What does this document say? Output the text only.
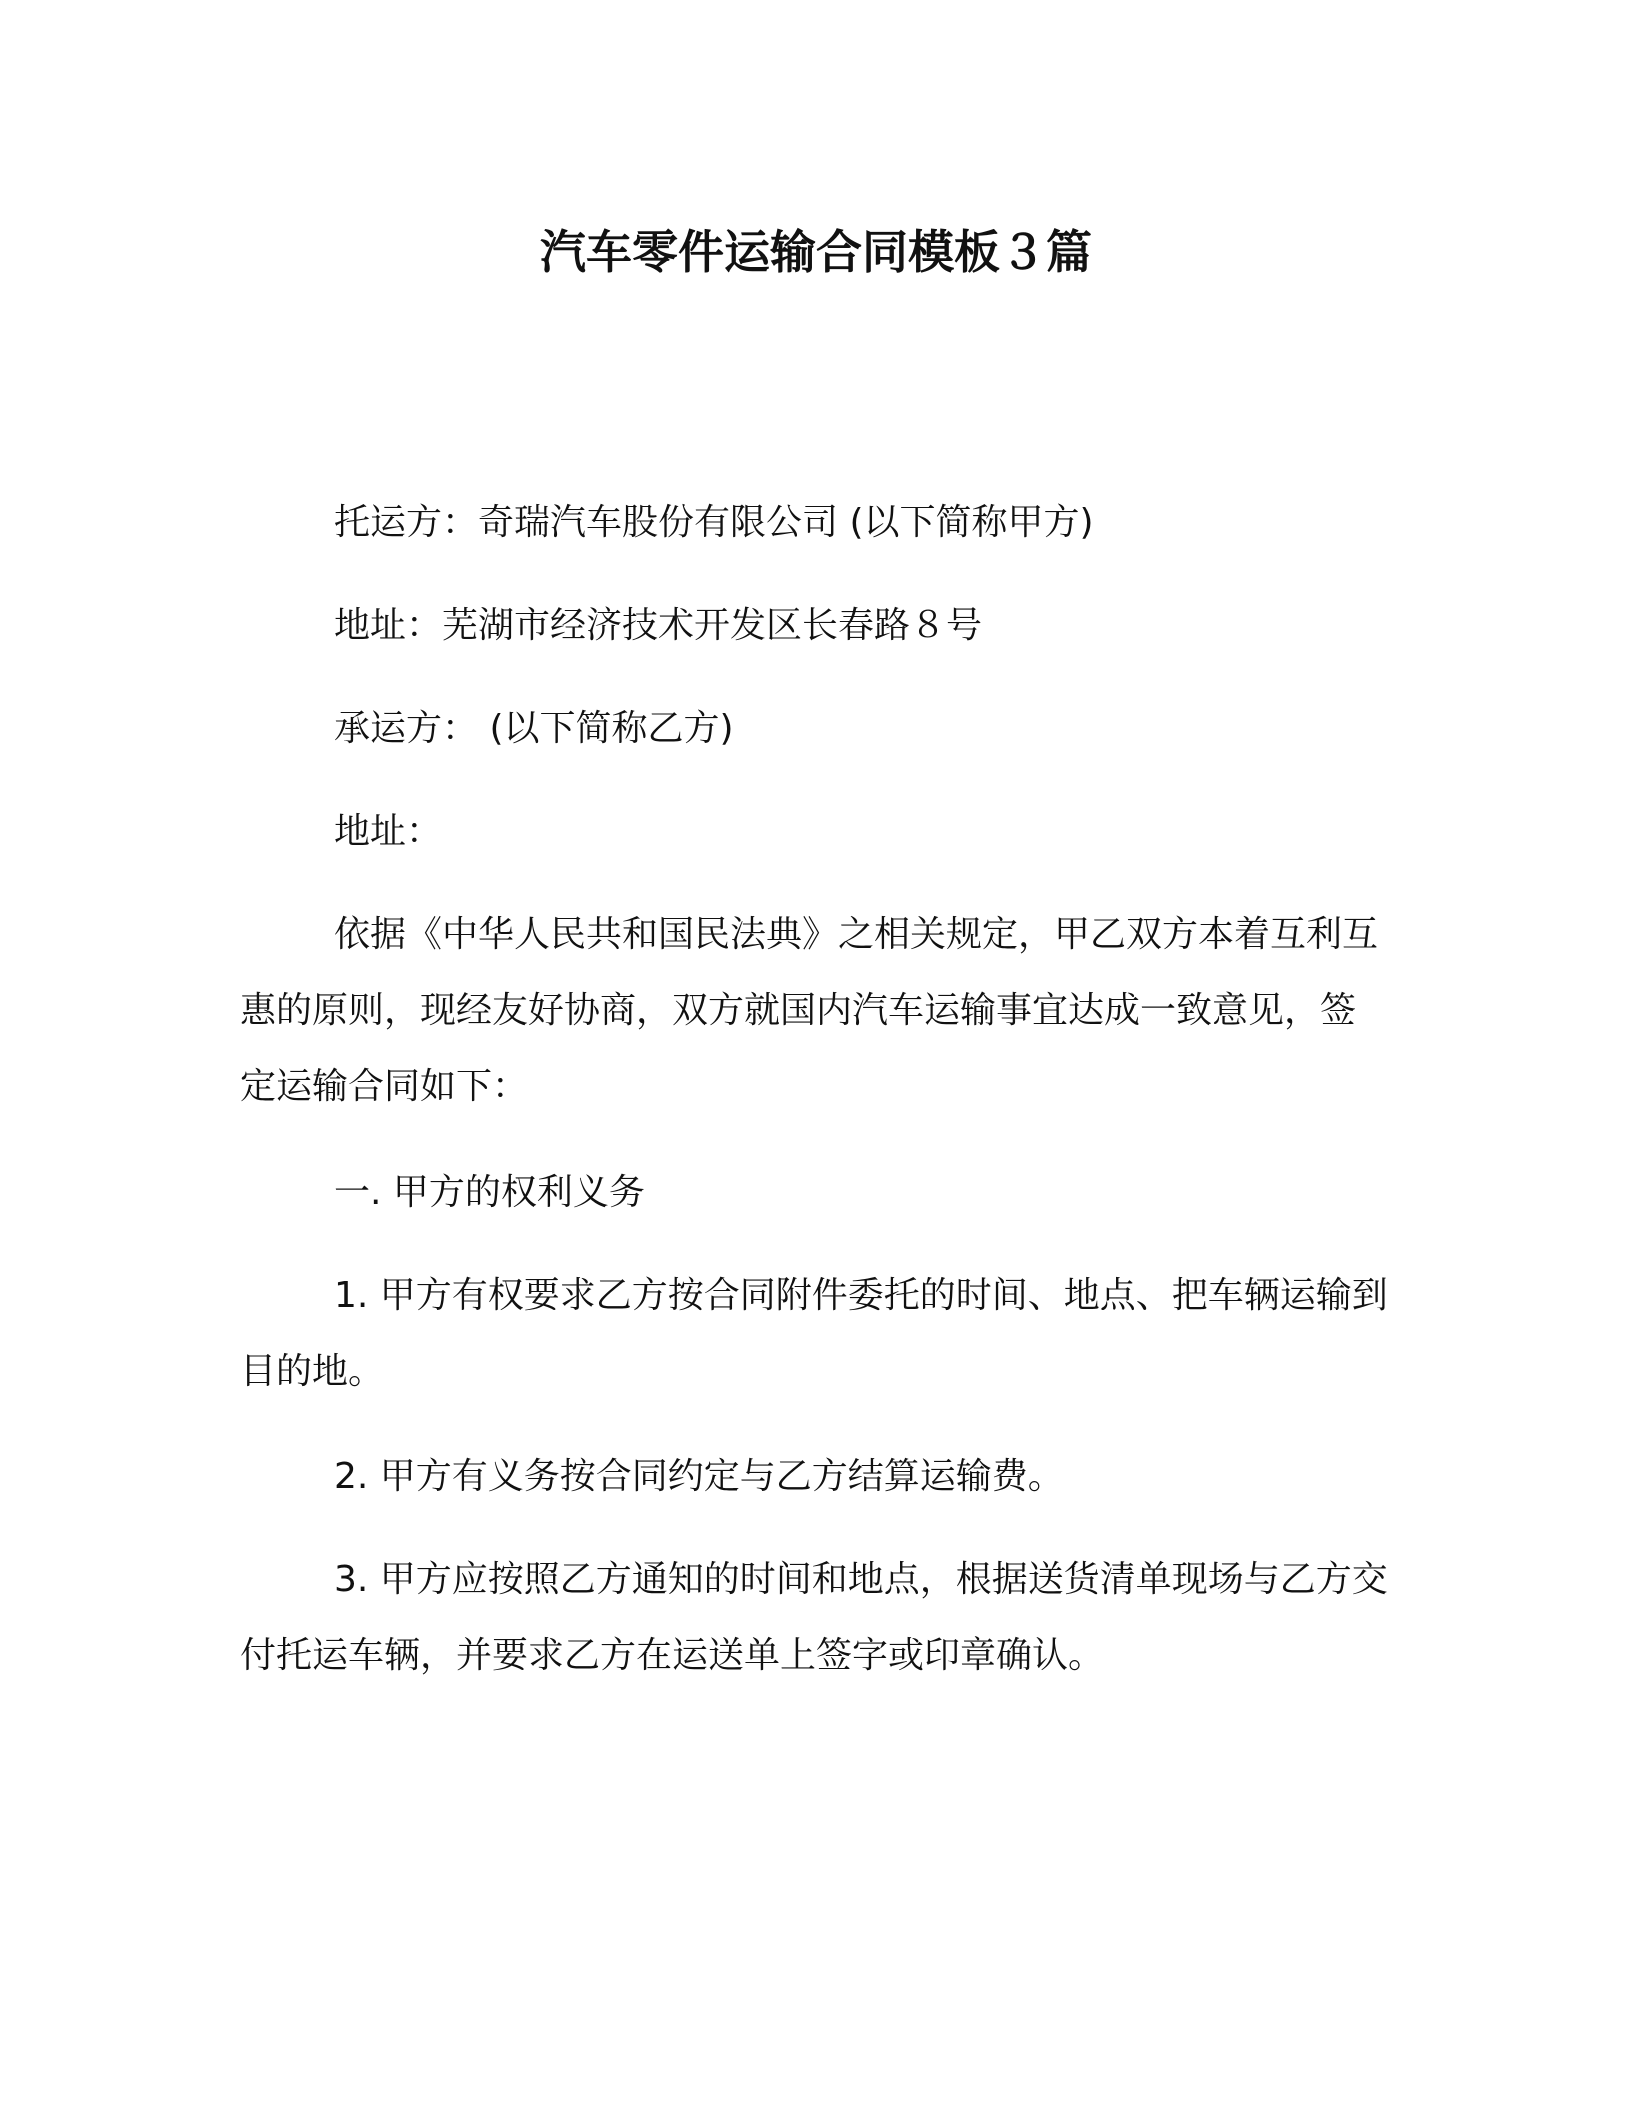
汽车零件运输合同模板３篇

托运方：奇瑞汽车股份有限公司 (以下简称甲方)

地址：芜湖市经济技术开发区长春路８号

承运方： (以下简称乙方)

地址：

依据《中华人民共和国民法典》之相关规定，甲乙双方本着互利互惠的原则，现经友好协商，双方就国内汽车运输事宜达成一致意见，签定运输合同如下：

一. 甲方的权利义务

1. 甲方有权要求乙方按合同附件委托的时间、地点、把车辆运输到目的地。

2. 甲方有义务按合同约定与乙方结算运输费。

3. 甲方应按照乙方通知的时间和地点，根据送货清单现场与乙方交付托运车辆，并要求乙方在运送单上签字或印章确认。
